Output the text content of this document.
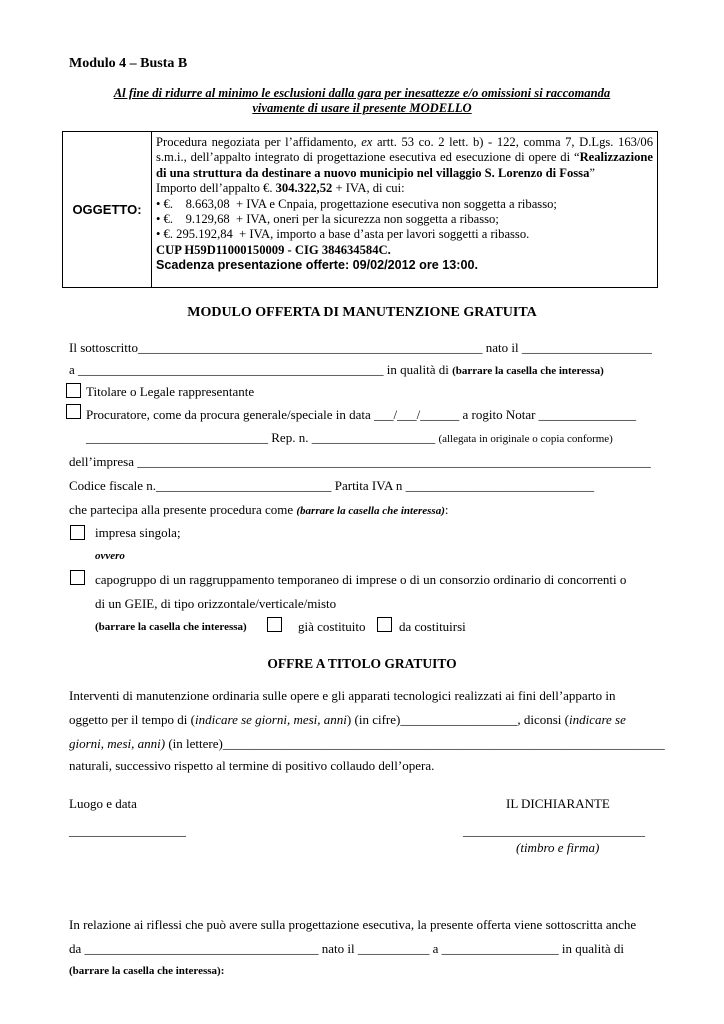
Modulo 4 – Busta B
Al fine di ridurre al minimo le esclusioni dalla gara per inesattezze e/o omissioni si raccomanda
vivamente di usare il presente MODELLO
OGGETTO:	
Procedura negoziata per l’affidamento, ex artt. 53 co. 2 lett. b) - 122, comma 7, D.Lgs. 163/06 s.m.i., dell’appalto integrato di progettazione esecutiva ed esecuzione di opere di “Realizzazione di una struttura da destinare a nuovo municipio nel villaggio S. Lorenzo di Fossa”
Importo dell’appalto €. 304.322,52 + IVA, di cui:
• €.    8.663,08  + IVA e Cnpaia, progettazione esecutiva non soggetta a ribasso;
• €.    9.129,68  + IVA, oneri per la sicurezza non soggetta a ribasso;
• €. 295.192,84  + IVA, importo a base d’asta per lavori soggetti a ribasso.
CUP H59D11000150009 - CIG 384634584C.
Scadenza presentazione offerte: 09/02/2012 ore 13:00.
MODULO OFFERTA DI MANUTENZIONE GRATUITA
Il sottoscritto_____________________________________________________ nato il ____________________
a _______________________________________________ in qualità di (barrare la casella che interessa)
Titolare o Legale rappresentante
Procuratore, come da procura generale/speciale in data ___/___/______ a rogito Notar _______________
____________________________ Rep. n. ___________________ (allegata in originale o copia conforme)
dell’impresa _______________________________________________________________________________
Codice fiscale n.___________________________ Partita IVA n _____________________________
che partecipa alla presente procedura come (barrare la casella che interessa):
impresa singola;
ovvero
capogruppo di un raggruppamento temporaneo di imprese o di un consorzio ordinario di concorrenti o
di un GEIE, di tipo orizzontale/verticale/misto
(barrare la casella che interessa)	già costituito	da costituirsi
OFFRE A TITOLO GRATUITO
Interventi di manutenzione ordinaria sulle opere e gli apparati tecnologici realizzati ai fini dell’apparto in
oggetto per il tempo di (indicare se giorni, mesi, anni) (in cifre)__________________, diconsi (indicare se
giorni, mesi, anni) (in lettere)____________________________________________________________________
naturali, successivo rispetto al termine di positivo collaudo dell’opera.
Luogo e data	IL DICHIARANTE
__________________	____________________________
(timbro e firma)
In relazione ai riflessi che può avere sulla progettazione esecutiva, la presente offerta viene sottoscritta anche
da ____________________________________ nato il ___________ a __________________ in qualità di
(barrare la casella che interessa):
